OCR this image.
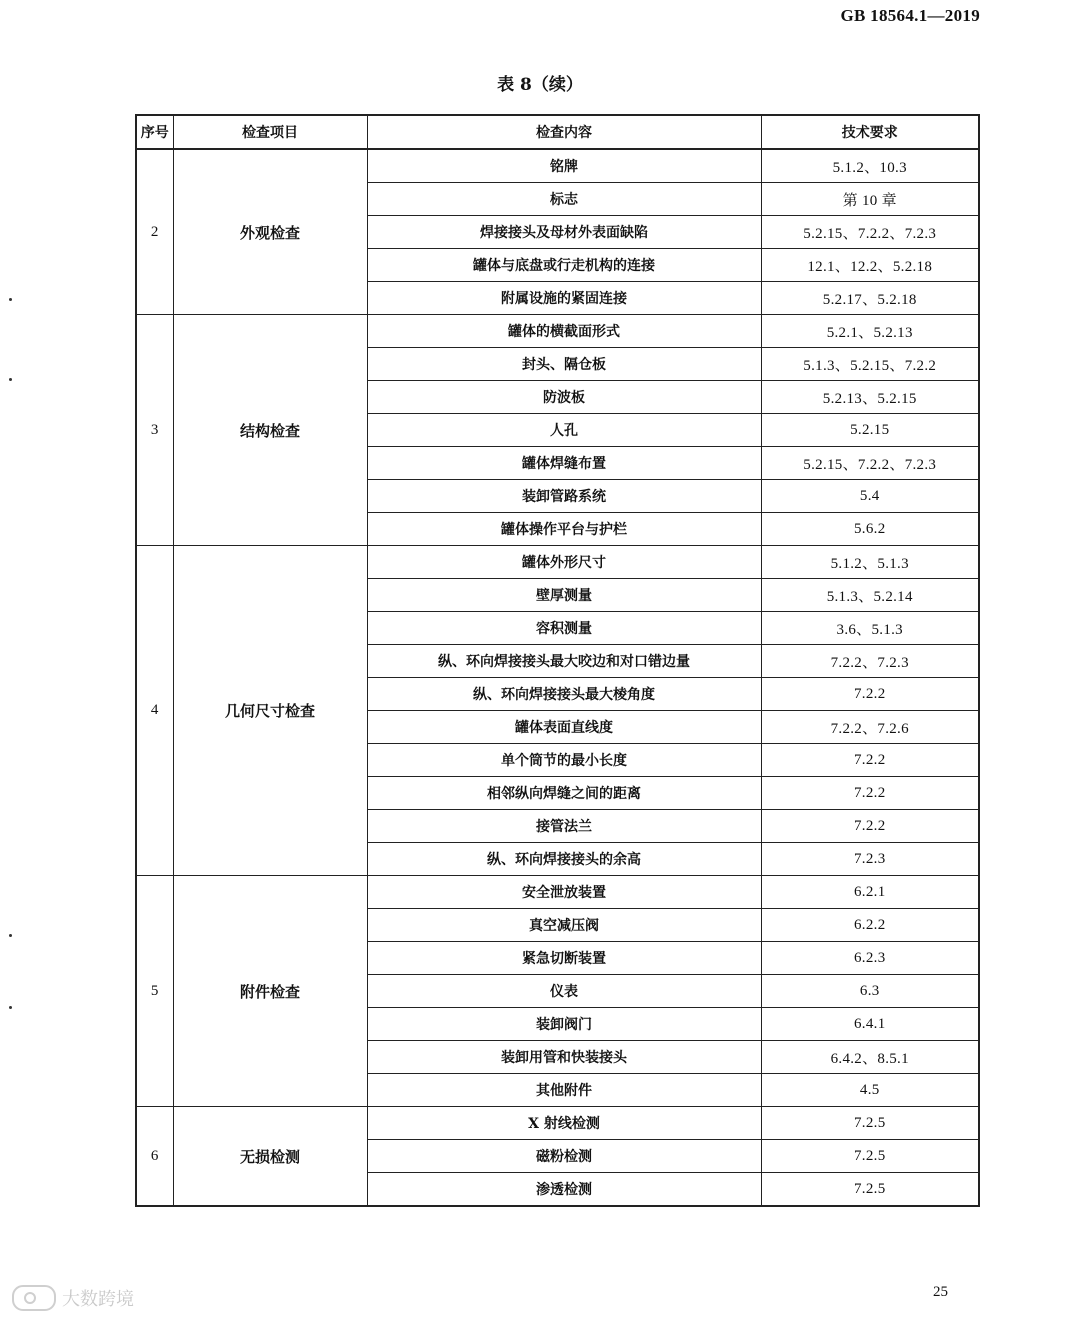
GB 18564.1—2019
表 8（续）
序号	检查项目	检查内容	技术要求
2	外观检查	铭牌	5.1.2、10.3
		标志	第 10 章
		焊接接头及母材外表面缺陷	5.2.15、7.2.2、7.2.3
		罐体与底盘或行走机构的连接	12.1、12.2、5.2.18
		附属设施的紧固连接	5.2.17、5.2.18
3	结构检查	罐体的横截面形式	5.2.1、5.2.13
		封头、隔仓板	5.1.3、5.2.15、7.2.2
		防波板	5.2.13、5.2.15
		人孔	5.2.15
		罐体焊缝布置	5.2.15、7.2.2、7.2.3
		装卸管路系统	5.4
		罐体操作平台与护栏	5.6.2
4	几何尺寸检查	罐体外形尺寸	5.1.2、5.1.3
		壁厚测量	5.1.3、5.2.14
		容积测量	3.6、5.1.3
		纵、环向焊接接头最大咬边和对口错边量	7.2.2、7.2.3
		纵、环向焊接接头最大棱角度	7.2.2
		罐体表面直线度	7.2.2、7.2.6
		单个筒节的最小长度	7.2.2
		相邻纵向焊缝之间的距离	7.2.2
		接管法兰	7.2.2
		纵、环向焊接接头的余高	7.2.3
5	附件检查	安全泄放装置	6.2.1
		真空减压阀	6.2.2
		紧急切断装置	6.2.3
		仪表	6.3
		装卸阀门	6.4.1
		装卸用管和快装接头	6.4.2、8.5.1
		其他附件	4.5
6	无损检测	X 射线检测	7.2.5
		磁粉检测	7.2.5
		渗透检测	7.2.5
大数跨境	25
